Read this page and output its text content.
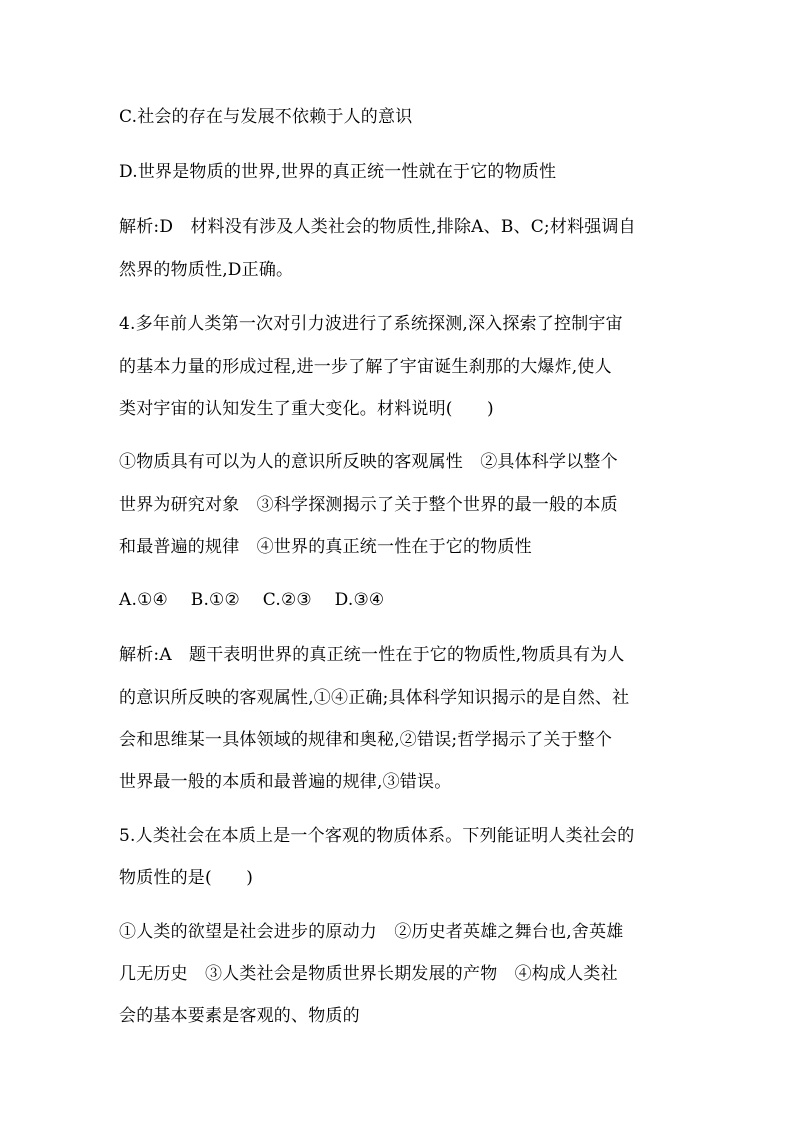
C.社会的存在与发展不依赖于人的意识
D.世界是物质的世界,世界的真正统一性就在于它的物质性
解析:D　材料没有涉及人类社会的物质性,排除A、B、C;材料强调自
然界的物质性,D正确。
4.多年前人类第一次对引力波进行了系统探测,深入探索了控制宇宙
的基本力量的形成过程,进一步了解了宇宙诞生刹那的大爆炸,使人
类对宇宙的认知发生了重大变化。材料说明(　　)
①物质具有可以为人的意识所反映的客观属性　②具体科学以整个
世界为研究对象　③科学探测揭示了关于整个世界的最一般的本质
和最普遍的规律　④世界的真正统一性在于它的物质性
A.①④　 B.①②　 C.②③　 D.③④
解析:A　题干表明世界的真正统一性在于它的物质性,物质具有为人
的意识所反映的客观属性,①④正确;具体科学知识揭示的是自然、社
会和思维某一具体领域的规律和奥秘,②错误;哲学揭示了关于整个
世界最一般的本质和最普遍的规律,③错误。
5.人类社会在本质上是一个客观的物质体系。下列能证明人类社会的
物质性的是(　　)
①人类的欲望是社会进步的原动力　②历史者英雄之舞台也,舍英雄
几无历史　③人类社会是物质世界长期发展的产物　④构成人类社
会的基本要素是客观的、物质的
